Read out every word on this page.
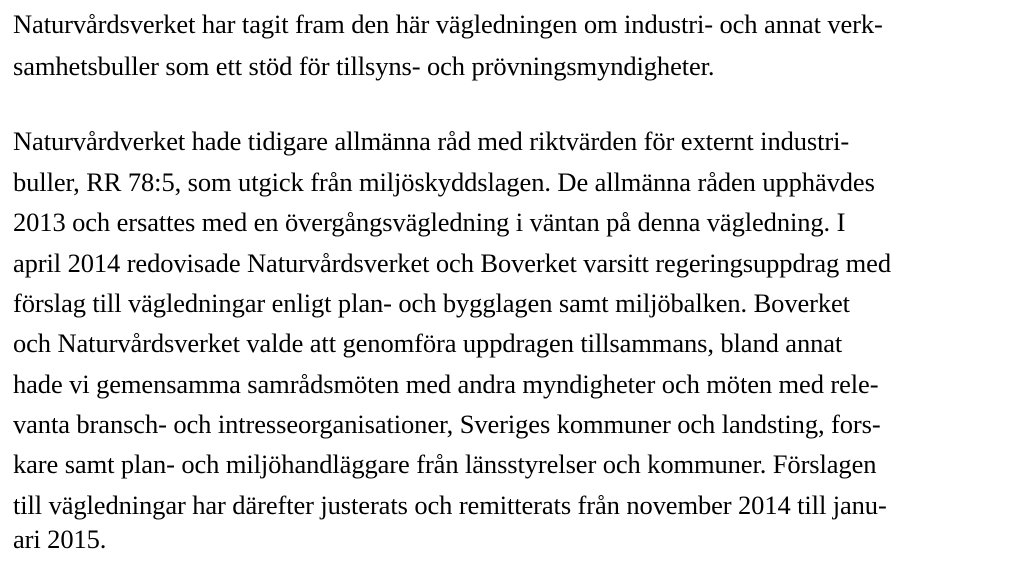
Naturvårdsverket har tagit fram den här vägledningen om industri- och annat verk-
samhetsbuller som ett stöd för tillsyns- och prövningsmyndigheter.
Naturvårdverket hade tidigare allmänna råd med riktvärden för externt industri-
buller, RR 78:5, som utgick från miljöskyddslagen. De allmänna råden upphävdes
2013 och ersattes med en övergångsvägledning i väntan på denna vägledning. I
april 2014 redovisade Naturvårdsverket och Boverket varsitt regeringsuppdrag med
förslag till vägledningar enligt plan- och bygglagen samt miljöbalken. Boverket
och Naturvårdsverket valde att genomföra uppdragen tillsammans, bland annat
hade vi gemensamma samrådsmöten med andra myndigheter och möten med rele-
vanta bransch- och intresseorganisationer, Sveriges kommuner och landsting, fors-
kare samt plan- och miljöhandläggare från länsstyrelser och kommuner. Förslagen
till vägledningar har därefter justerats och remitterats från november 2014 till janu-
ari 2015.
